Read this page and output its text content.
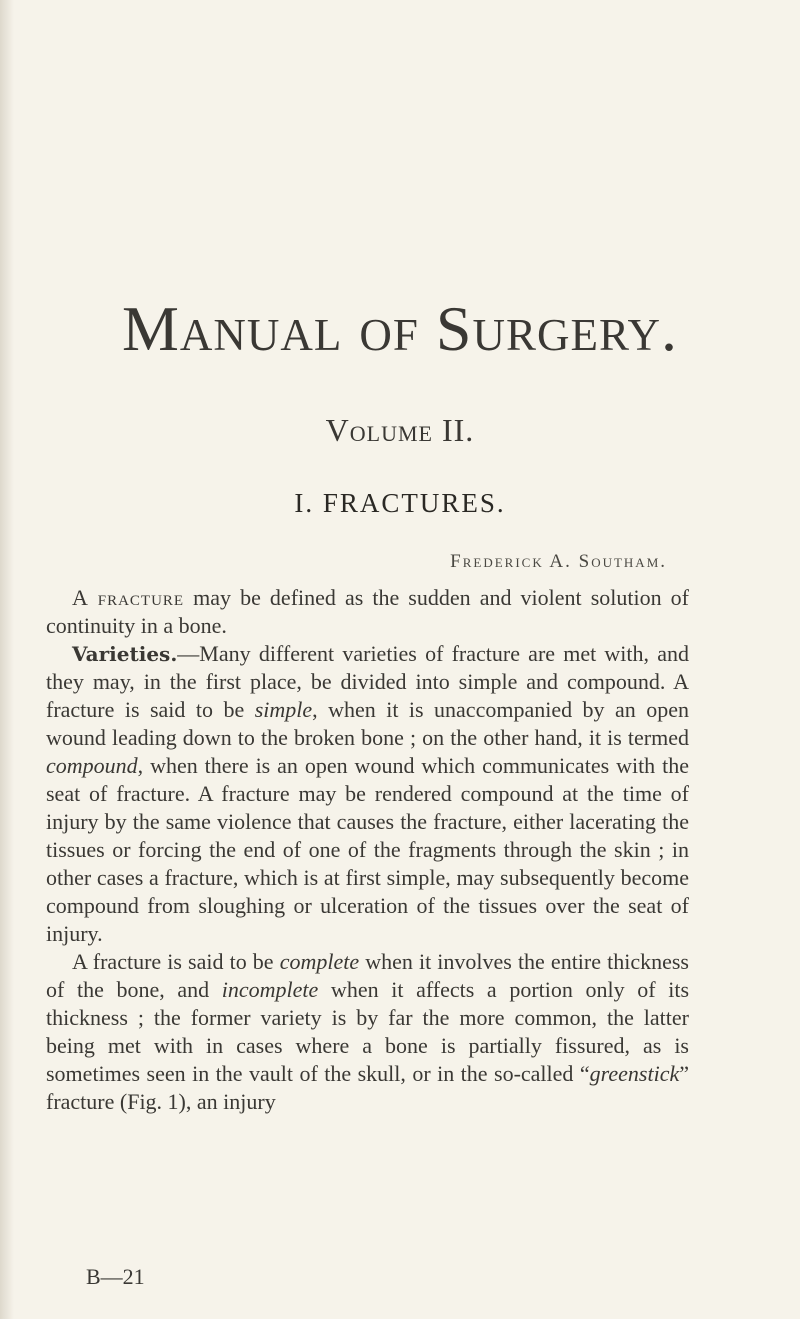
Manual of Surgery.
Volume II.
I. FRACTURES.
Frederick A. Southam.

A fracture may be defined as the sudden and violent solution of continuity in a bone.

Varieties.—Many different varieties of fracture are met with, and they may, in the first place, be divided into simple and compound. A fracture is said to be simple, when it is unaccompanied by an open wound leading down to the broken bone ; on the other hand, it is termed compound, when there is an open wound which communicates with the seat of fracture. A fracture may be rendered compound at the time of injury by the same violence that causes the fracture, either lacerating the tissues or forcing the end of one of the fragments through the skin ; in other cases a fracture, which is at first simple, may subsequently become compound from sloughing or ulceration of the tissues over the seat of injury.

A fracture is said to be complete when it involves the entire thickness of the bone, and incomplete when it affects a portion only of its thickness ; the former variety is by far the more common, the latter being met with in cases where a bone is partially fissured, as is sometimes seen in the vault of the skull, or in the so-called “greenstick” fracture (Fig. 1), an injury

B—21
